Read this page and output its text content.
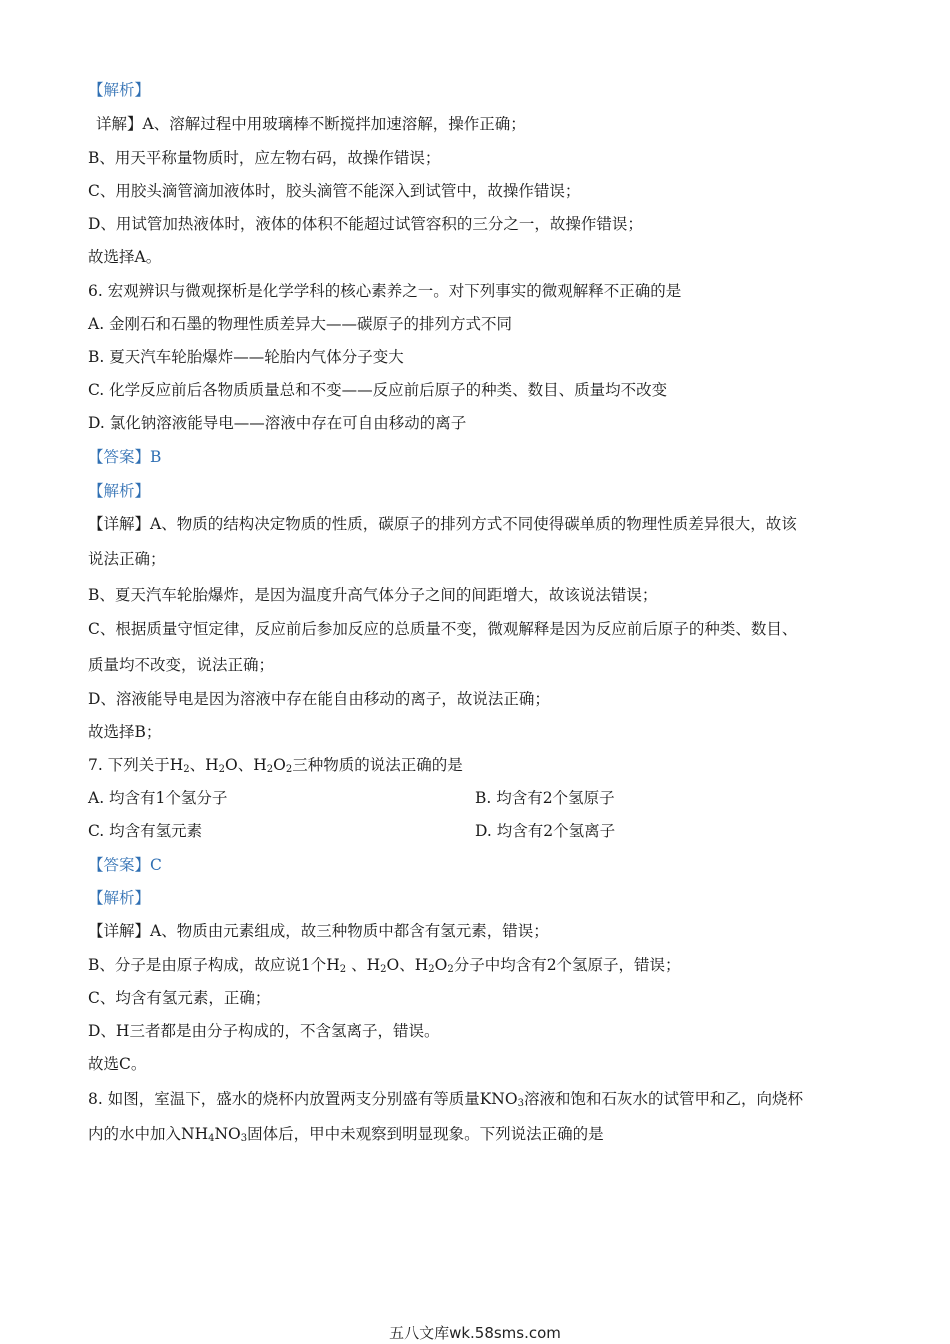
【解析】
详解】A、溶解过程中用玻璃棒不断搅拌加速溶解，操作正确；
B、用天平称量物质时，应左物右码，故操作错误；
C、用胶头滴管滴加液体时，胶头滴管不能深入到试管中，故操作错误；
D、用试管加热液体时，液体的体积不能超过试管容积的三分之一，故操作错误；
故选择A。
6. 宏观辨识与微观探析是化学学科的核心素养之一。对下列事实的微观解释不正确的是
A. 金刚石和石墨的物理性质差异大——碳原子的排列方式不同
B. 夏天汽车轮胎爆炸——轮胎内气体分子变大
C. 化学反应前后各物质质量总和不变——反应前后原子的种类、数目、质量均不改变
D. 氯化钠溶液能导电——溶液中存在可自由移动的离子
【答案】B
【解析】
【详解】A、物质的结构决定物质的性质，碳原子的排列方式不同使得碳单质的物理性质差异很大，故该
说法正确；
B、夏天汽车轮胎爆炸，是因为温度升高气体分子之间的间距增大，故该说法错误；
C、根据质量守恒定律，反应前后参加反应的总质量不变，微观解释是因为反应前后原子的种类、数目、
质量均不改变，说法正确；
D、溶液能导电是因为溶液中存在能自由移动的离子，故说法正确；
故选择B；
7. 下列关于$H_2$、$H_2O$、$H_2O_2$三种物质的说法正确的是
A. 均含有1个氢分子	B. 均含有2个氢原子
C. 均含有氢元素	D. 均含有2个氢离子
【答案】C
【解析】
【详解】A、物质由元素组成，故三种物质中都含有氢元素，错误；
B、分子是由原子构成，故应说1个$H_2$ 、$H_2O$、$H_2O_2$分子中均含有2个氢原子，错误；
C、均含有氢元素，正确；
D、H三者都是由分子构成的，不含氢离子，错误。
故选C。
8. 如图，室温下，盛水的烧杯内放置两支分别盛有等质量$KNO_3$溶液和饱和石灰水的试管甲和乙，向烧杯
内的水中加入$NH_4NO_3$固体后，甲中未观察到明显现象。下列说法正确的是
五八文库wk.58sms.com
